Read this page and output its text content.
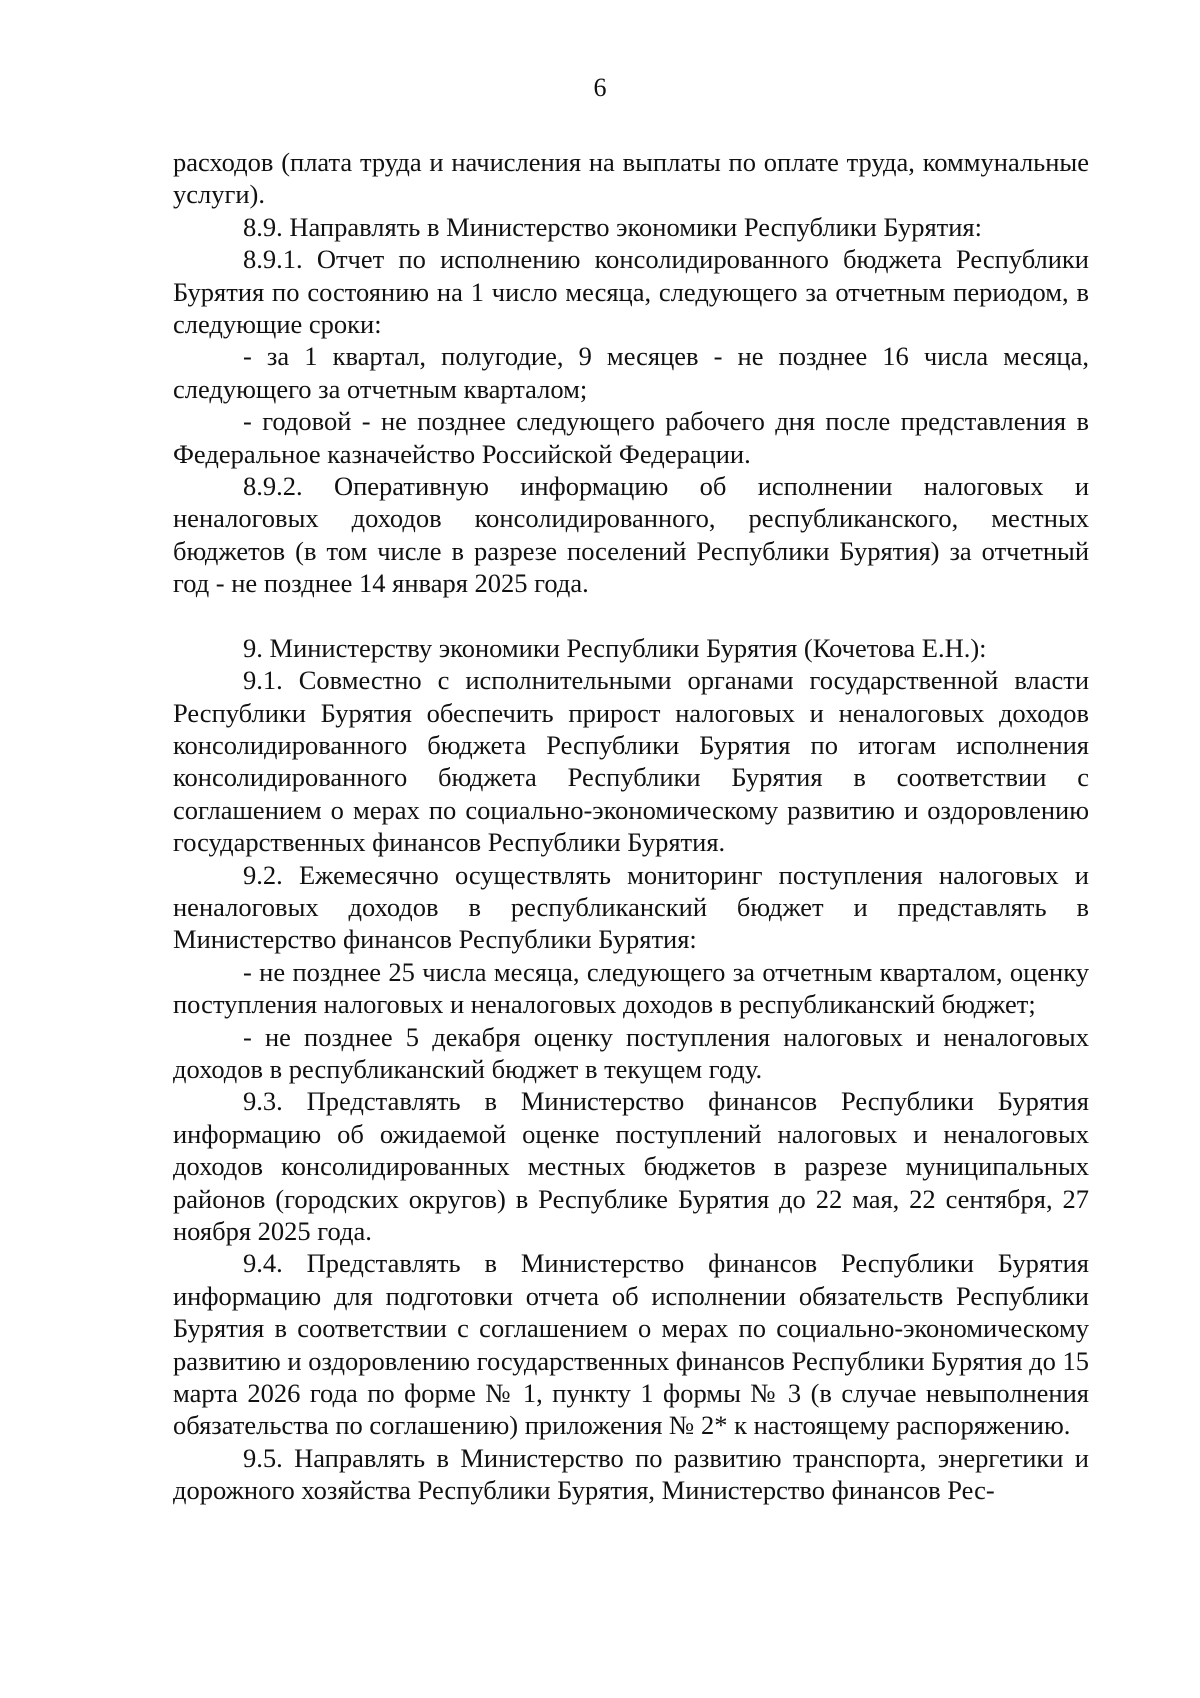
6

расходов (плата труда и начисления на выплаты по оплате труда, коммунальные услуги).

8.9. Направлять в Министерство экономики Республики Бурятия:

8.9.1. Отчет по исполнению консолидированного бюджета Республики Бурятия по состоянию на 1 число месяца, следующего за отчетным периодом, в следующие сроки:

- за 1 квартал, полугодие, 9 месяцев - не позднее 16 числа месяца, следующего за отчетным кварталом;

- годовой - не позднее следующего рабочего дня после представления в Федеральное казначейство Российской Федерации.

8.9.2. Оперативную информацию об исполнении налоговых и неналоговых доходов консолидированного, республиканского, местных бюджетов (в том числе в разрезе поселений Республики Бурятия) за отчетный год - не позднее 14 января 2025 года.

9. Министерству экономики Республики Бурятия (Кочетова Е.Н.):

9.1. Совместно с исполнительными органами государственной власти Республики Бурятия обеспечить прирост налоговых и неналоговых доходов консолидированного бюджета Республики Бурятия по итогам исполнения консолидированного бюджета Республики Бурятия в соответствии с соглашением о мерах по социально-экономическому развитию и оздоровлению государственных финансов Республики Бурятия.

9.2. Ежемесячно осуществлять мониторинг поступления налоговых и неналоговых доходов в республиканский бюджет и представлять в Министерство финансов Республики Бурятия:

- не позднее 25 числа месяца, следующего за отчетным кварталом, оценку поступления налоговых и неналоговых доходов в республиканский бюджет;

- не позднее 5 декабря оценку поступления налоговых и неналоговых доходов в республиканский бюджет в текущем году.

9.3. Представлять в Министерство финансов Республики Бурятия информацию об ожидаемой оценке поступлений налоговых и неналоговых доходов консолидированных местных бюджетов в разрезе муниципальных районов (городских округов) в Республике Бурятия до 22 мая, 22 сентября, 27 ноября 2025 года.

9.4. Представлять в Министерство финансов Республики Бурятия информацию для подготовки отчета об исполнении обязательств Республики Бурятия в соответствии с соглашением о мерах по социально-экономическому развитию и оздоровлению государственных финансов Республики Бурятия до 15 марта 2026 года по форме № 1, пункту 1 формы № 3 (в случае невыполнения обязательства по соглашению) приложения № 2* к настоящему распоряжению.

9.5. Направлять в Министерство по развитию транспорта, энергетики и дорожного хозяйства Республики Бурятия, Министерство финансов Рес-
